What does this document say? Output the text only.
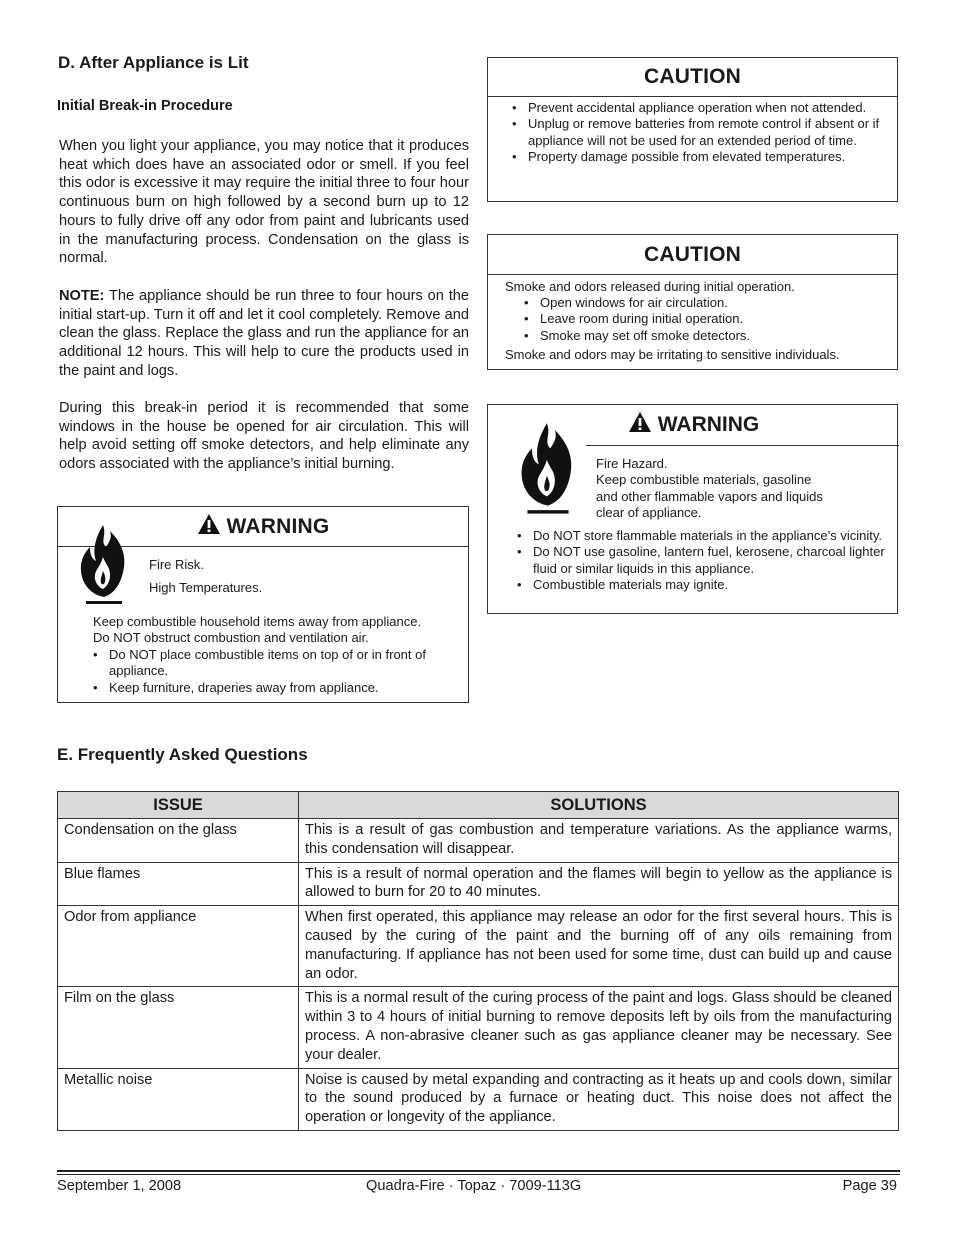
D. After Appliance is Lit
Initial Break-in Procedure
When you light your appliance, you may notice that it produces heat which does have an associated odor or smell. If you feel this odor is excessive it may require the initial three to four hour continuous burn on high followed by a second burn up to 12 hours to fully drive off any odor from paint and lubricants used in the manufacturing process. Condensation on the glass is normal.
NOTE: The appliance should be run three to four hours on the initial start-up. Turn it off and let it cool completely. Remove and clean the glass. Replace the glass and run the appliance for an additional 12 hours. This will help to cure the products used in the paint and logs.
During this break-in period it is recommended that some windows in the house be opened for air circulation. This will help avoid setting off smoke detectors, and help eliminate any odors associated with the appliance’s initial burning.
WARNING
Fire Risk.
High Temperatures.
Keep combustible household items away from appliance.
Do NOT obstruct combustion and ventilation air.
• Do NOT place combustible items on top of or in front of appliance.
• Keep furniture, draperies away from appliance.
CAUTION
• Prevent accidental appliance operation when not attended.
• Unplug or remove batteries from remote control if absent or if appliance will not be used for an extended period of time.
• Property damage possible from elevated temperatures.
CAUTION
Smoke and odors released during initial operation.
• Open windows for air circulation.
• Leave room during initial operation.
• Smoke may set off smoke detectors.
Smoke and odors may be irritating to sensitive individuals.
WARNING
Fire Hazard.
Keep combustible materials, gasoline
and other flammable vapors and liquids
clear of appliance.
• Do NOT store flammable materials in the appliance’s vicinity.
• Do NOT use gasoline, lantern fuel, kerosene, charcoal lighter fluid or similar liquids in this appliance.
• Combustible materials may ignite.
E. Frequently Asked Questions
ISSUE	SOLUTIONS
Condensation on the glass	This is a result of gas combustion and temperature variations. As the appliance warms, this condensation will disappear.
Blue flames	This is a result of normal operation and the flames will begin to yellow as the appliance is allowed to burn for 20 to 40 minutes.
Odor from appliance	When first operated, this appliance may release an odor for the first several hours. This is caused by the curing of the paint and the burning off of any oils remaining from manufacturing. If appliance has not been used for some time, dust can build up and cause an odor.
Film on the glass	This is a normal result of the curing process of the paint and logs. Glass should be cleaned within 3 to 4 hours of initial burning to remove deposits left by oils from the manufacturing process. A non-abrasive cleaner such as gas appliance cleaner may be necessary. See your dealer.
Metallic noise	Noise is caused by metal expanding and contracting as it heats up and cools down, similar to the sound produced by a furnace or heating duct. This noise does not affect the operation or longevity of the appliance.
September 1, 2008	Quadra-Fire · Topaz · 7009-113G	Page 39
